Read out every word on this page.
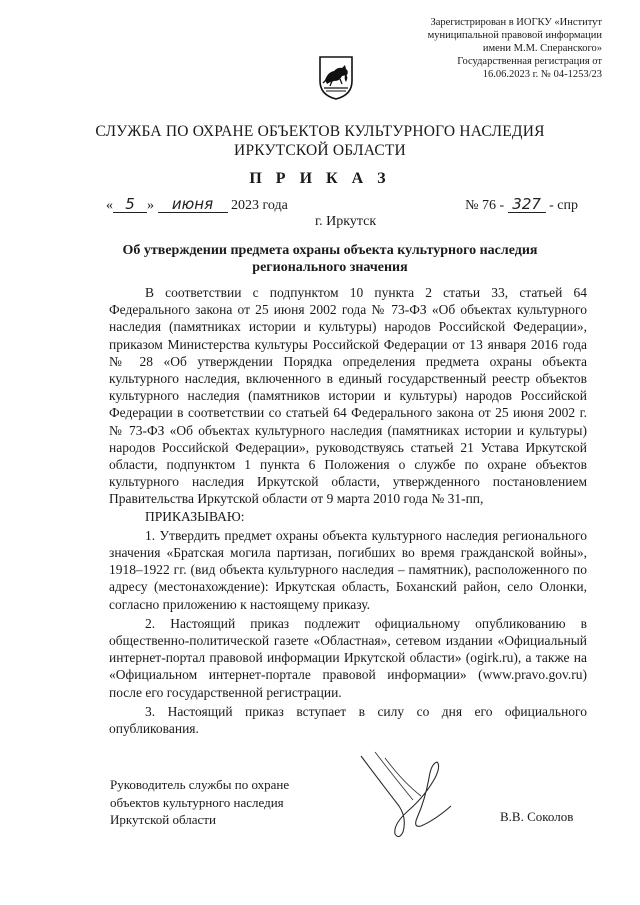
Зарегистрирован в ИОГКУ «Институт
муниципальной правовой информации
имени М.М. Сперанского»
Государственная регистрация от
16.06.2023 г. № 04-1253/23
СЛУЖБА ПО ОХРАНЕ ОБЪЕКТОВ КУЛЬТУРНОГО НАСЛЕДИЯ
ИРКУТСКОЙ ОБЛАСТИ
П Р И К А З
« 5 » июня 2023 года	№ 76 - 327 - спр
г. Иркутск
Об утверждении предмета охраны объекта культурного наследия
регионального значения

В соответствии с подпунктом 10 пункта 2 статьи 33, статьей 64 Федерального закона от 25 июня 2002 года № 73-ФЗ «Об объектах культурного наследия (памятниках истории и культуры) народов Российской Федерации», приказом Министерства культуры Российской Федерации от 13 января 2016 года № 28 «Об утверждении Порядка определения предмета охраны объекта культурного наследия, включенного в единый государственный реестр объектов культурного наследия (памятников истории и культуры) народов Российской Федерации в соответствии со статьей 64 Федерального закона от 25 июня 2002 г. № 73-ФЗ «Об объектах культурного наследия (памятниках истории и культуры) народов Российской Федерации», руководствуясь статьей 21 Устава Иркутской области, подпунктом 1 пункта 6 Положения о службе по охране объектов культурного наследия Иркутской области, утвержденного постановлением Правительства Иркутской области от 9 марта 2010 года № 31-пп,

ПРИКАЗЫВАЮ:

1. Утвердить предмет охраны объекта культурного наследия регионального значения «Братская могила партизан, погибших во время гражданской войны», 1918–1922 гг. (вид объекта культурного наследия – памятник), расположенного по адресу (местонахождение): Иркутская область, Боханский район, село Олонки, согласно приложению к настоящему приказу.

2. Настоящий приказ подлежит официальному опубликованию в общественно-политической газете «Областная», сетевом издании «Официальный интернет-портал правовой информации Иркутской области» (ogirk.ru), а также на «Официальном интернет-портале правовой информации» (www.pravo.gov.ru) после его государственной регистрации.

3. Настоящий приказ вступает в силу со дня его официального опубликования.

Руководитель службы по охране
объектов культурного наследия
Иркутской области	В.В. Соколов
